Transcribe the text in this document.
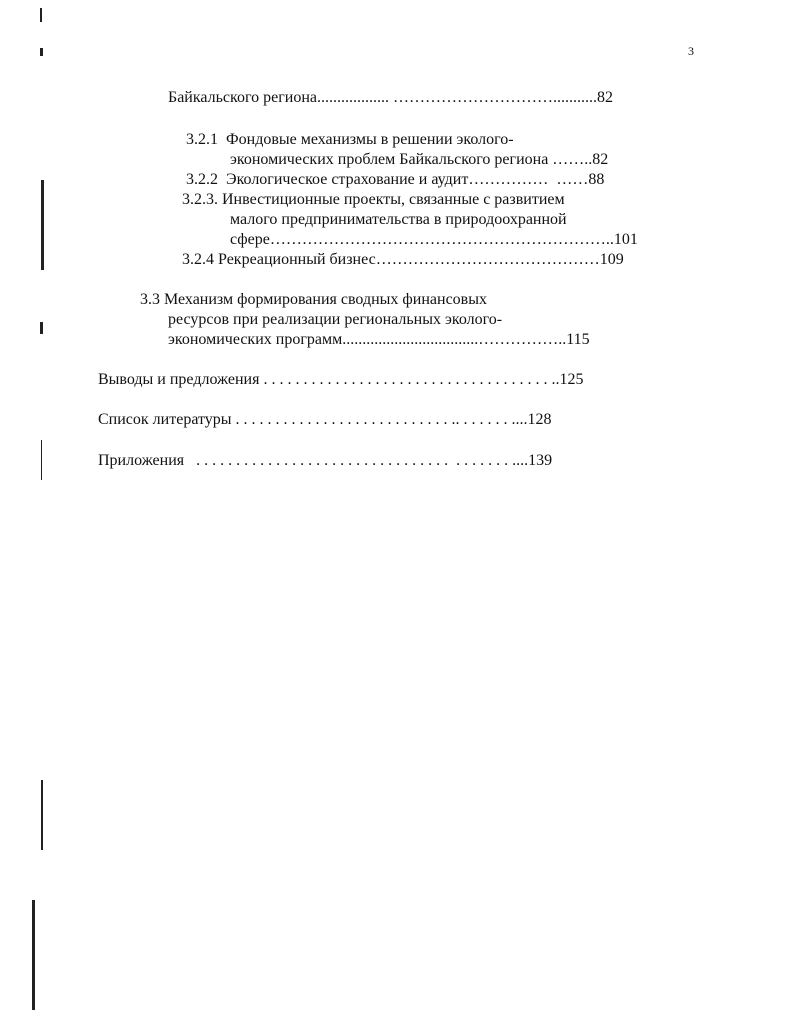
3
Байкальского региона.................. …………………………...........82
3.2.1  Фондовые механизмы в решении эколого-
экономических проблем Байкальского региона ……..82
3.2.2  Экологическое страхование и аудит……………  ……88
3.2.3. Инвестиционные проекты, связанные с развитием
малого предпринимательства в природоохранной
сфере………………………………………………………..101
3.2.4 Рекреационный бизнес……………………………………109
3.3 Механизм формирования сводных финансовых
ресурсов при реализации региональных эколого-
экономических программ..................................……………..115
Выводы и предложения . . . . . . . . . . . . . . . . . . . . . . . . . . . . . . . . . . . . ..125
Список литературы . . . . . . . . . . . . . . . . . . . . . . . . . . . .. . . . . . . ....128
Приложения   . . . . . . . . . . . . . . . . . . . . . . . . . . . . . . . .  . . . . . . . ....139
